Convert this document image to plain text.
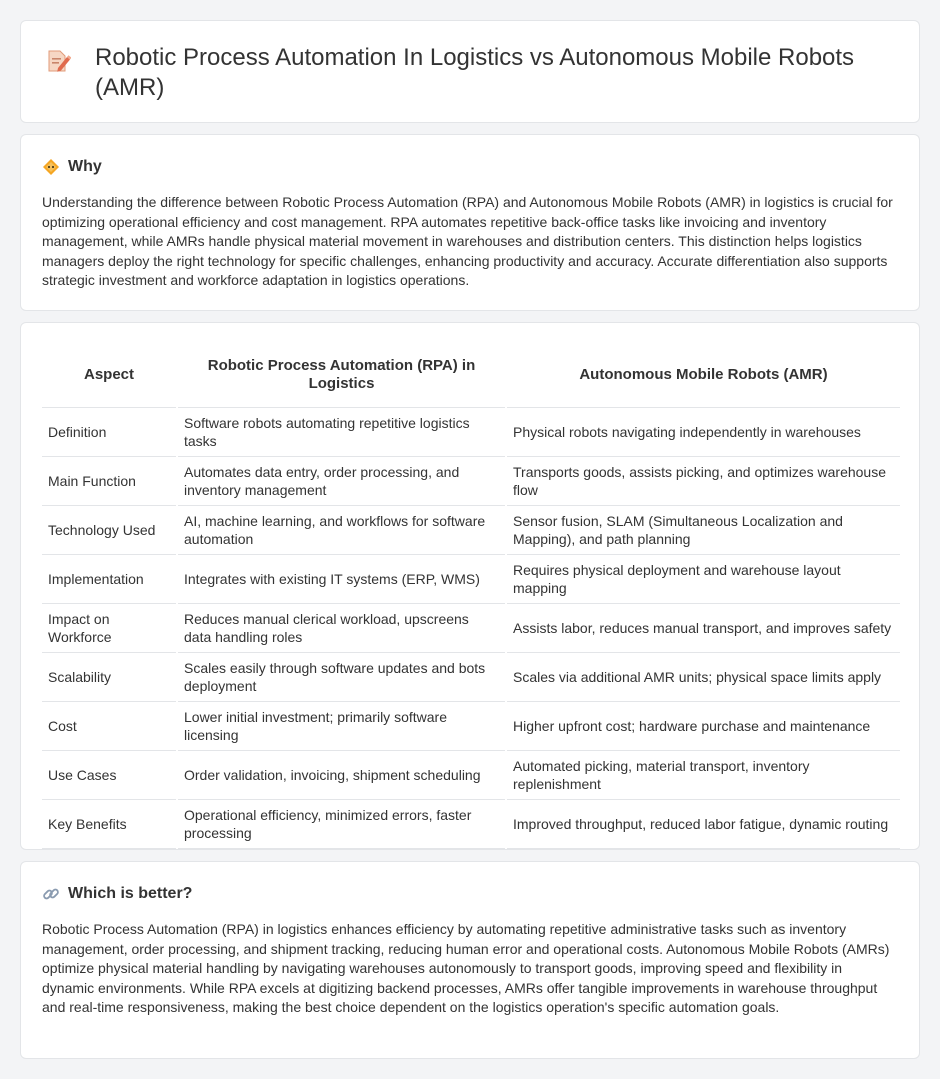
Robotic Process Automation In Logistics vs Autonomous Mobile Robots (AMR)
Why

Understanding the difference between Robotic Process Automation (RPA) and Autonomous Mobile Robots (AMR) in logistics is crucial for optimizing operational efficiency and cost management. RPA automates repetitive back-office tasks like invoicing and inventory management, while AMRs handle physical material movement in warehouses and distribution centers. This distinction helps logistics managers deploy the right technology for specific challenges, enhancing productivity and accuracy. Accurate differentiation also supports strategic investment and workforce adaptation in logistics operations.

Aspect	Robotic Process Automation (RPA) in Logistics	Autonomous Mobile Robots (AMR)
Definition	Software robots automating repetitive logistics tasks	Physical robots navigating independently in warehouses
Main Function	Automates data entry, order processing, and inventory management	Transports goods, assists picking, and optimizes warehouse flow
Technology Used	AI, machine learning, and workflows for software automation	Sensor fusion, SLAM (Simultaneous Localization and Mapping), and path planning
Implementation	Integrates with existing IT systems (ERP, WMS)	Requires physical deployment and warehouse layout mapping
Impact on Workforce	Reduces manual clerical workload, upscreens data handling roles	Assists labor, reduces manual transport, and improves safety
Scalability	Scales easily through software updates and bots deployment	Scales via additional AMR units; physical space limits apply
Cost	Lower initial investment; primarily software licensing	Higher upfront cost; hardware purchase and maintenance
Use Cases	Order validation, invoicing, shipment scheduling	Automated picking, material transport, inventory replenishment
Key Benefits	Operational efficiency, minimized errors, faster processing	Improved throughput, reduced labor fatigue, dynamic routing
Which is better?

Robotic Process Automation (RPA) in logistics enhances efficiency by automating repetitive administrative tasks such as inventory management, order processing, and shipment tracking, reducing human error and operational costs. Autonomous Mobile Robots (AMRs) optimize physical material handling by navigating warehouses autonomously to transport goods, improving speed and flexibility in dynamic environments. While RPA excels at digitizing backend processes, AMRs offer tangible improvements in warehouse throughput and real-time responsiveness, making the best choice dependent on the logistics operation's specific automation goals.
